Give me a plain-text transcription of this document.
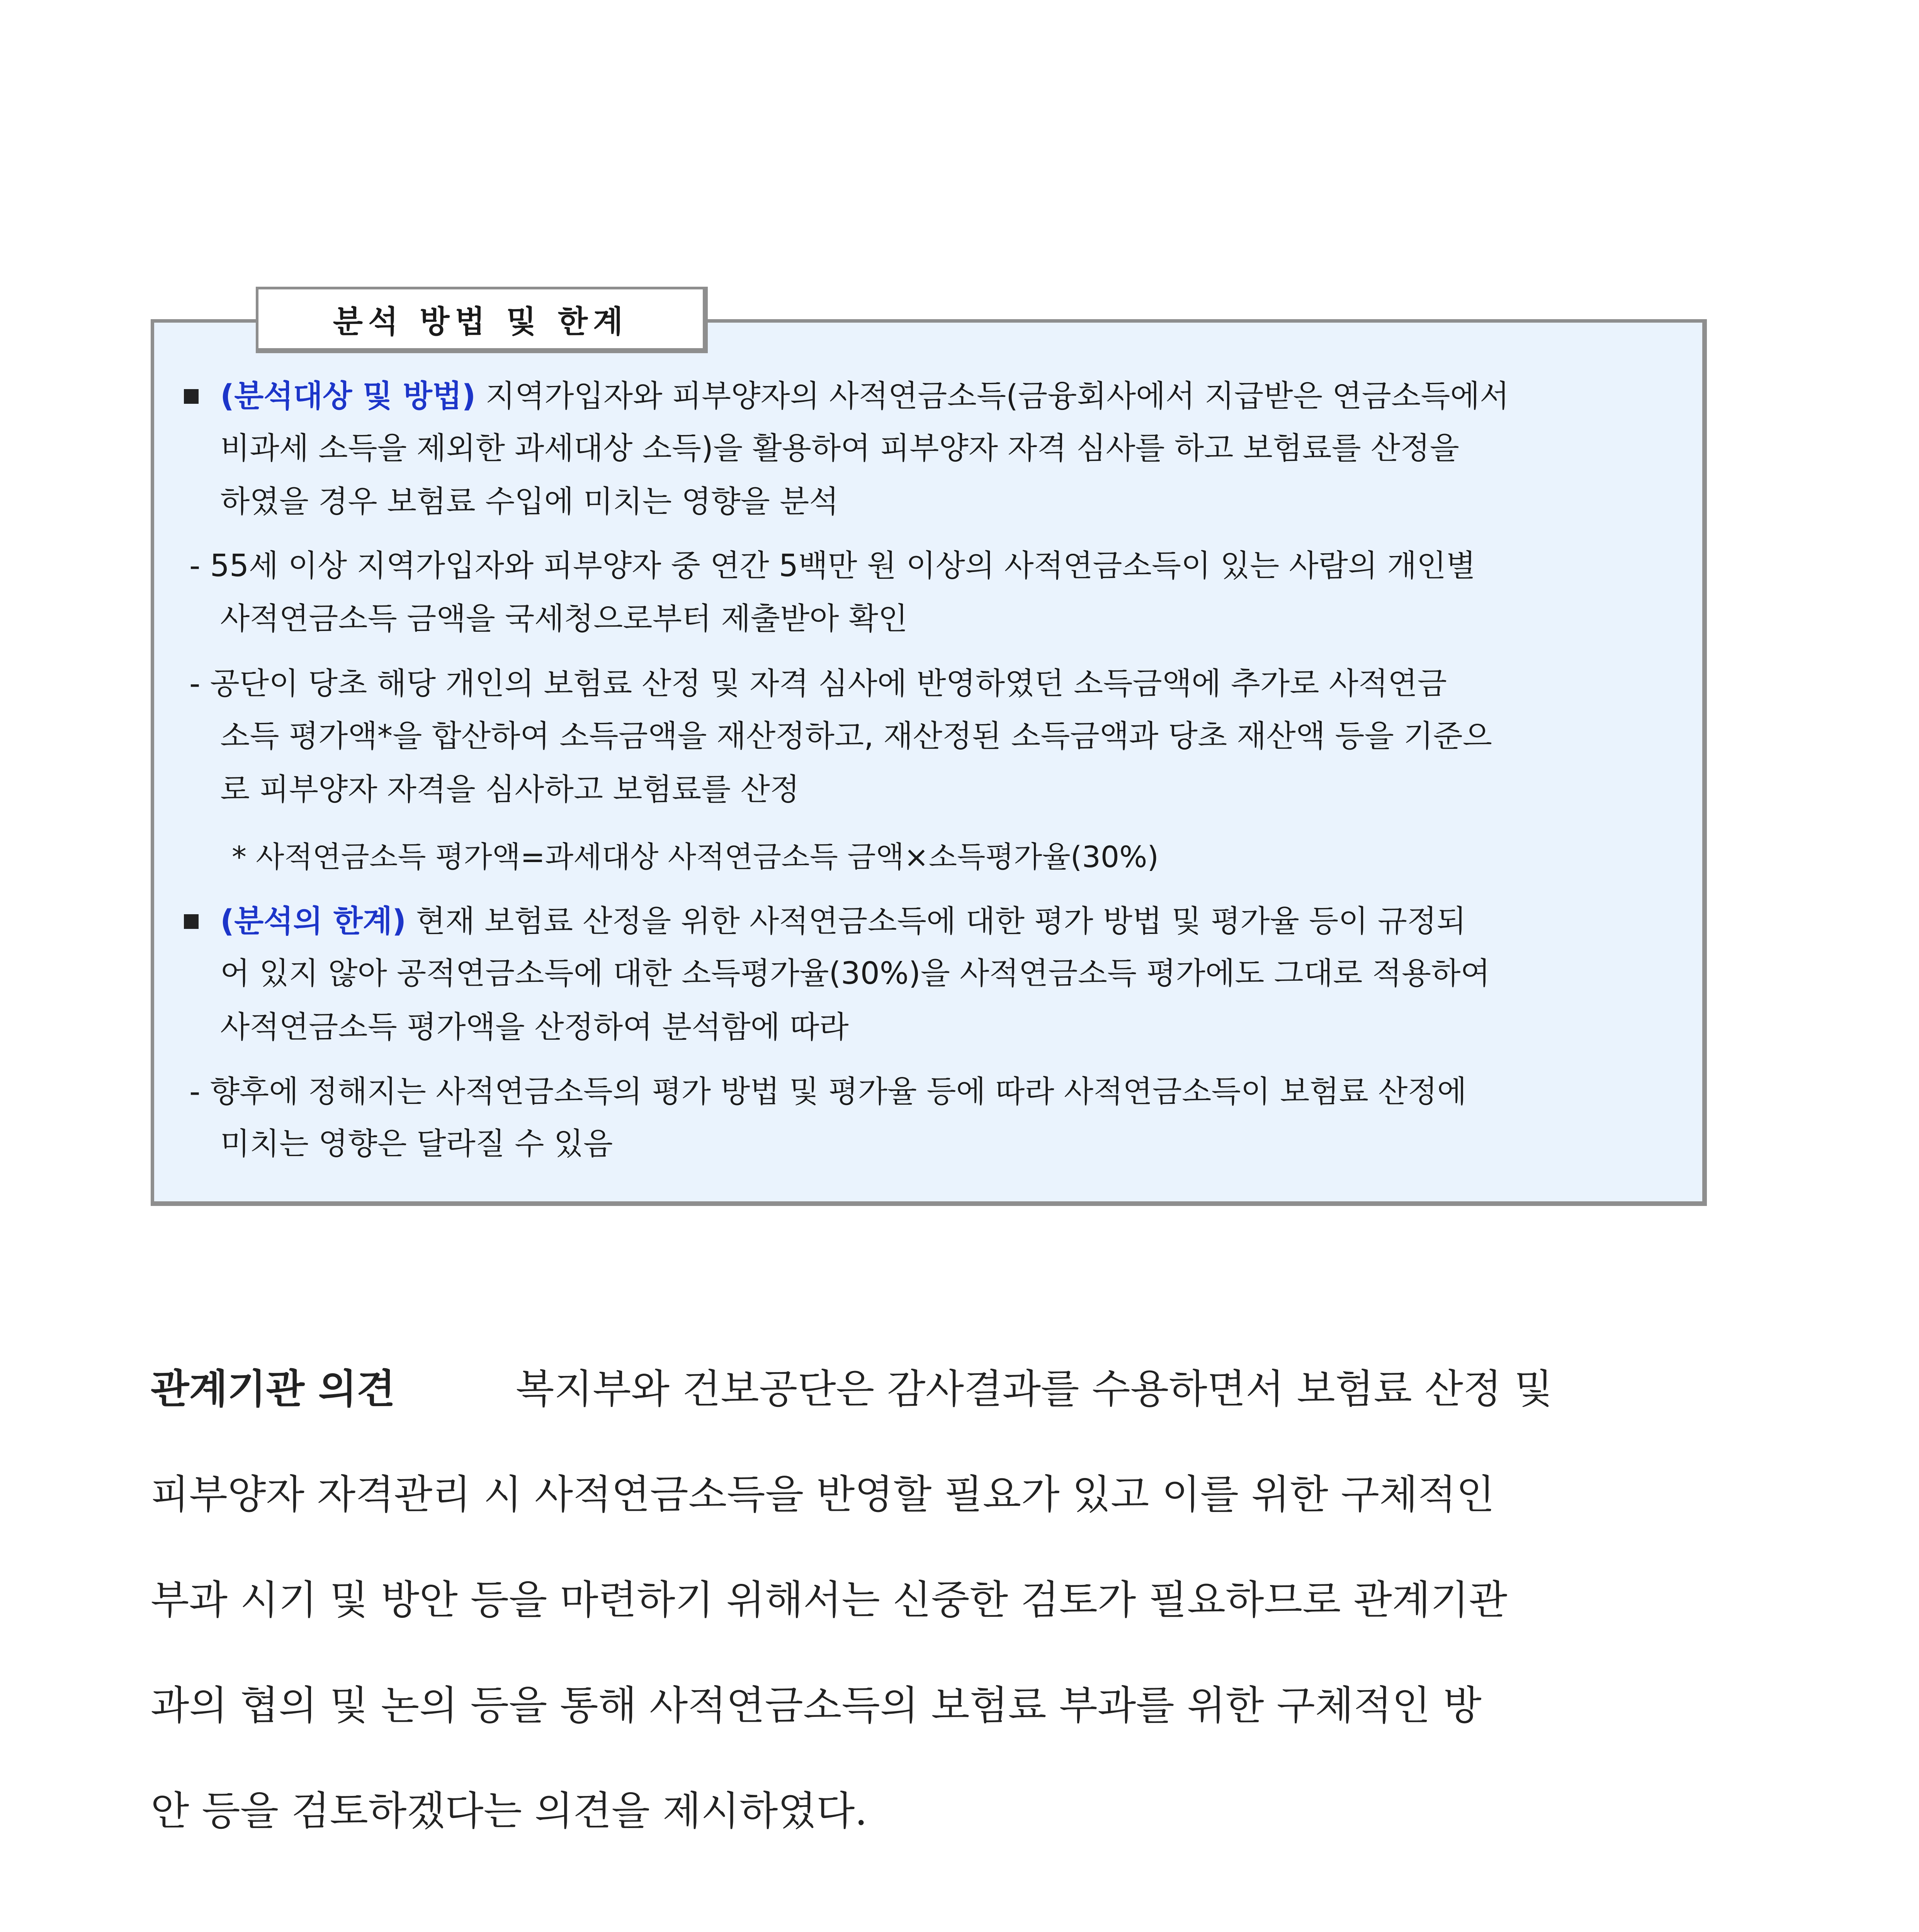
분석 방법 및 한계
(분석대상 및 방법) 지역가입자와 피부양자의 사적연금소득(금융회사에서 지급받은 연금소득에서
비과세 소득을 제외한 과세대상 소득)을 활용하여 피부양자 자격 심사를 하고 보험료를 산정을
하였을 경우 보험료 수입에 미치는 영향을 분석
- 55세 이상 지역가입자와 피부양자 중 연간 5백만 원 이상의 사적연금소득이 있는 사람의 개인별
사적연금소득 금액을 국세청으로부터 제출받아 확인
- 공단이 당초 해당 개인의 보험료 산정 및 자격 심사에 반영하였던 소득금액에 추가로 사적연금
소득 평가액*을 합산하여 소득금액을 재산정하고, 재산정된 소득금액과 당초 재산액 등을 기준으
로 피부양자 자격을 심사하고 보험료를 산정
* 사적연금소득 평가액=과세대상 사적연금소득 금액×소득평가율(30%)
(분석의 한계) 현재 보험료 산정을 위한 사적연금소득에 대한 평가 방법 및 평가율 등이 규정되
어 있지 않아 공적연금소득에 대한 소득평가율(30%)을 사적연금소득 평가에도 그대로 적용하여
사적연금소득 평가액을 산정하여 분석함에 따라
- 향후에 정해지는 사적연금소득의 평가 방법 및 평가율 등에 따라 사적연금소득이 보험료 산정에
미치는 영향은 달라질 수 있음
관계기관 의견	복지부와 건보공단은 감사결과를 수용하면서 보험료 산정 및
피부양자 자격관리 시 사적연금소득을 반영할 필요가 있고 이를 위한 구체적인
부과 시기 및 방안 등을 마련하기 위해서는 신중한 검토가 필요하므로 관계기관
과의 협의 및 논의 등을 통해 사적연금소득의 보험료 부과를 위한 구체적인 방
안 등을 검토하겠다는 의견을 제시하였다.
